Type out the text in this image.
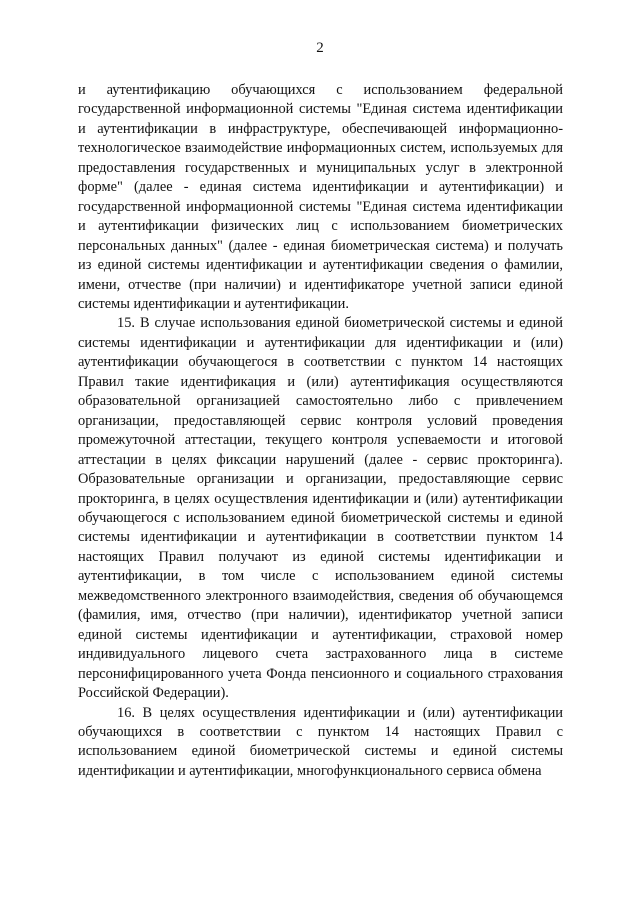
2

и аутентификацию обучающихся с использованием федеральной государственной информационной системы "Единая система идентификации и аутентификации в инфраструктуре, обеспечивающей информационно-технологическое взаимодействие информационных систем, используемых для предоставления государственных и муниципальных услуг в электронной форме" (далее - единая система идентификации и аутентификации) и государственной информационной системы "Единая система идентификации и аутентификации физических лиц с использованием биометрических персональных данных" (далее - единая биометрическая система) и получать из единой системы идентификации и аутентификации сведения о фамилии, имени, отчестве (при наличии) и идентификаторе учетной записи единой системы идентификации и аутентификации.

15. В случае использования единой биометрической системы и единой системы идентификации и аутентификации для идентификации и (или) аутентификации обучающегося в соответствии с пунктом 14 настоящих Правил такие идентификация и (или) аутентификация осуществляются образовательной организацией самостоятельно либо с привлечением организации, предоставляющей сервис контроля условий проведения промежуточной аттестации, текущего контроля успеваемости и итоговой аттестации в целях фиксации нарушений (далее - сервис прокторинга). Образовательные организации и организации, предоставляющие сервис прокторинга, в целях осуществления идентификации и (или) аутентификации обучающегося с использованием единой биометрической системы и единой системы идентификации и аутентификации в соответствии пунктом 14 настоящих Правил получают из единой системы идентификации и аутентификации, в том числе с использованием единой системы межведомственного электронного взаимодействия, сведения об обучающемся (фамилия, имя, отчество (при наличии), идентификатор учетной записи единой системы идентификации и аутентификации, страховой номер индивидуального лицевого счета застрахованного лица в системе персонифицированного учета Фонда пенсионного и социального страхования Российской Федерации).

16. В целях осуществления идентификации и (или) аутентификации обучающихся в соответствии с пунктом 14 настоящих Правил с использованием единой биометрической системы и единой системы идентификации и аутентификации, многофункционального сервиса обмена
